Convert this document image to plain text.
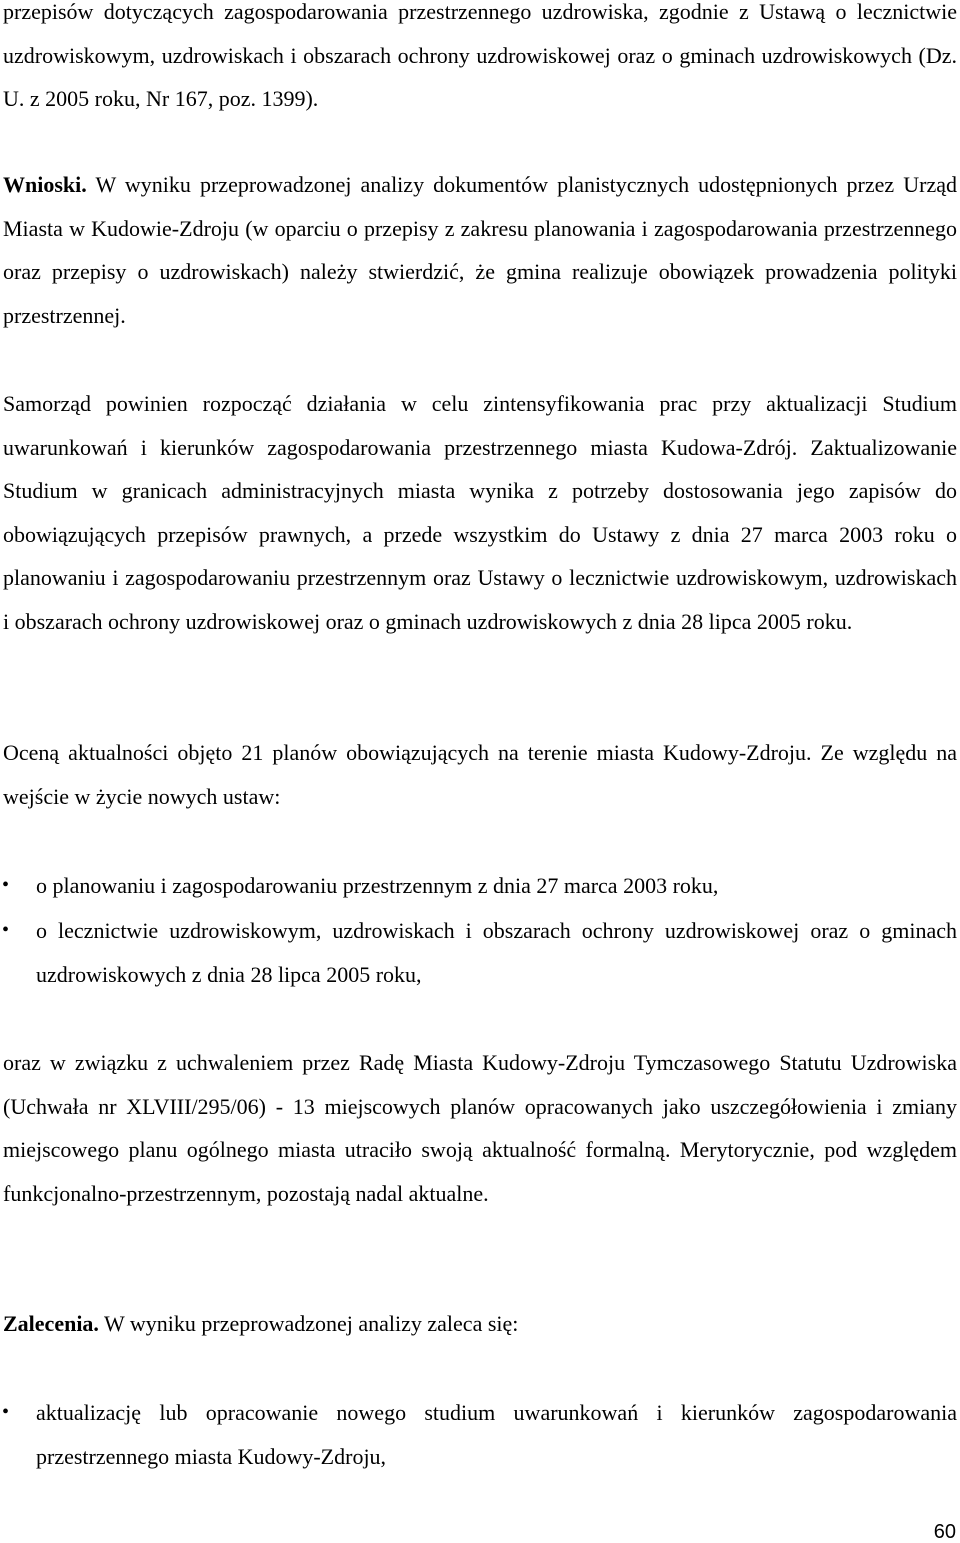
przepisów dotyczących zagospodarowania przestrzennego uzdrowiska, zgodnie z Ustawą o lecznictwie uzdrowiskowym, uzdrowiskach i obszarach ochrony uzdrowiskowej oraz o gminach uzdrowiskowych (Dz. U. z 2005 roku, Nr 167, poz. 1399).

Wnioski. W wyniku przeprowadzonej analizy dokumentów planistycznych udostępnionych przez Urząd Miasta w Kudowie-Zdroju (w oparciu o przepisy z zakresu planowania i zagospodarowania przestrzennego oraz przepisy o uzdrowiskach) należy stwierdzić, że gmina realizuje obowiązek prowadzenia polityki przestrzennej.

Samorząd powinien rozpocząć działania w celu zintensyfikowania prac przy aktualizacji Studium uwarunkowań i kierunków zagospodarowania przestrzennego miasta Kudowa-Zdrój. Zaktualizowanie Studium w granicach administracyjnych miasta wynika z potrzeby dostosowania jego zapisów do obowiązujących przepisów prawnych, a przede wszystkim do Ustawy z dnia 27 marca 2003 roku o planowaniu i zagospodarowaniu przestrzennym oraz Ustawy o lecznictwie uzdrowiskowym, uzdrowiskach i obszarach ochrony uzdrowiskowej oraz o gminach uzdrowiskowych z dnia 28 lipca 2005 roku.

Oceną aktualności objęto 21 planów obowiązujących na terenie miasta Kudowy-Zdroju. Ze względu na wejście w życie nowych ustaw:

•	o planowaniu i zagospodarowaniu przestrzennym z dnia 27 marca 2003 roku,

•	o lecznictwie uzdrowiskowym, uzdrowiskach i obszarach ochrony uzdrowiskowej oraz o gminach uzdrowiskowych z dnia 28 lipca 2005 roku,

oraz w związku z uchwaleniem przez Radę Miasta Kudowy-Zdroju Tymczasowego Statutu Uzdrowiska (Uchwała nr XLVIII/295/06) - 13 miejscowych planów opracowanych jako uszczegółowienia i zmiany miejscowego planu ogólnego miasta utraciło swoją aktualność formalną. Merytorycznie, pod względem funkcjonalno-przestrzennym, pozostają nadal aktualne.

Zalecenia. W wyniku przeprowadzonej analizy zaleca się:

•	aktualizację lub opracowanie nowego studium uwarunkowań i kierunków zagospodarowania przestrzennego miasta Kudowy-Zdroju,

60
